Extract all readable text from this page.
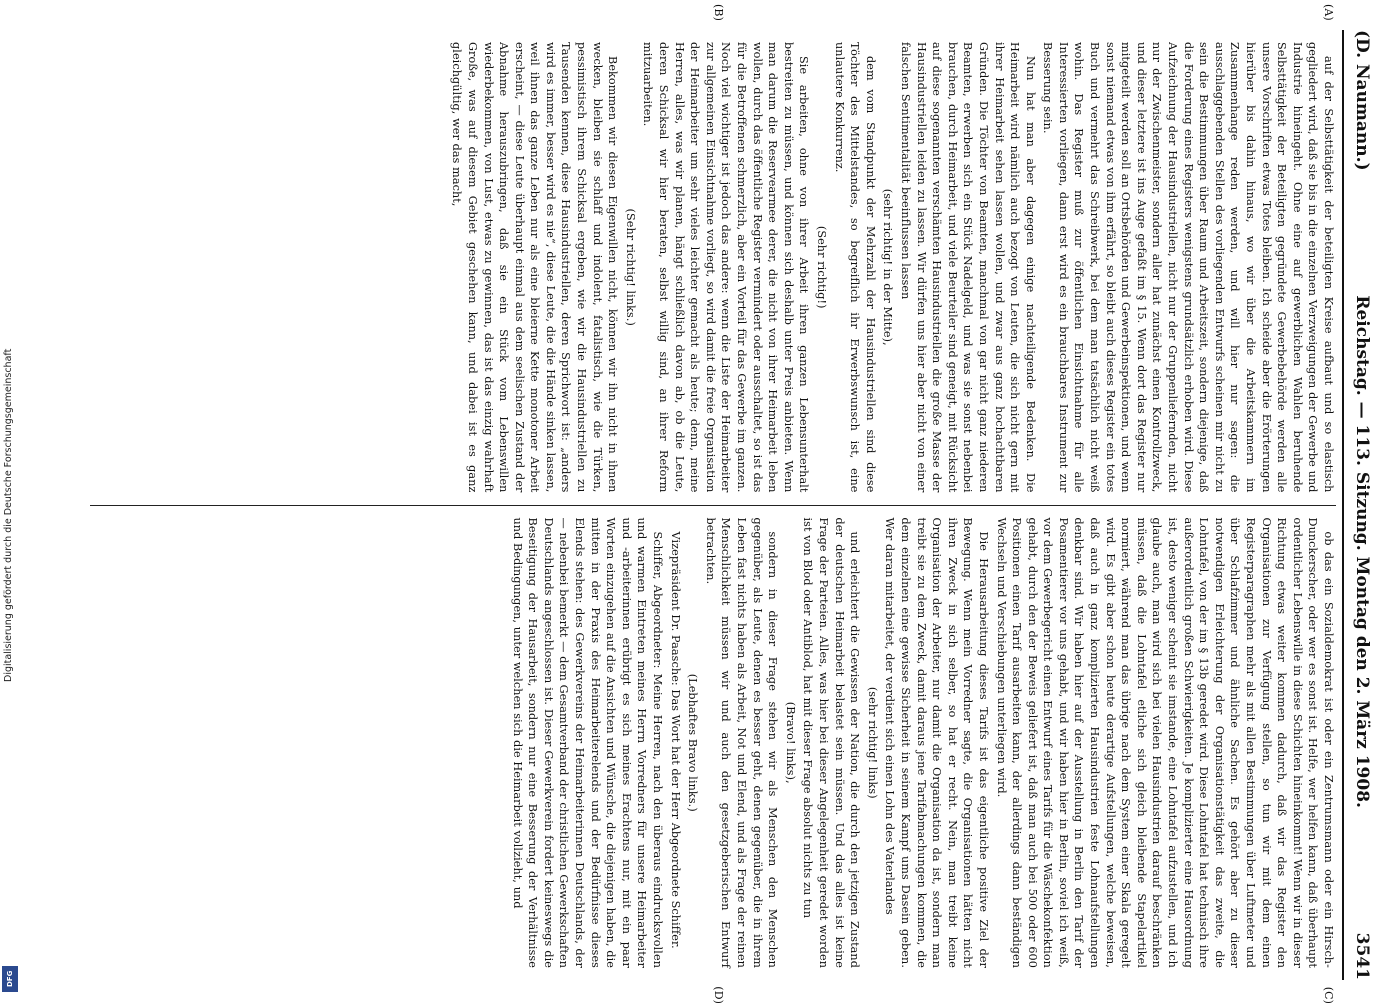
(D. Naumann.)
Reichstag. — 113. Sitzung. Montag den 2. März 1908.
3541
(A)
(B)

auf der Selbsttätigkeit der beteiligten Kreise aufbaut und so elastisch gegliedert wird, daß sie bis in die einzelnen Verzweigungen der Gewerbe und Industrie hineingeht. Ohne eine auf gewerblichen Wahlen beruhende Selbsttätigkeit der Beteiligten gegründete Gewerbebehörde werden alle unsere Vorschriften etwas Totes bleiben. Ich scheide aber die Erörterungen hierüber bis dahin hinaus, wo wir über die Arbeitskammern im Zusammenhange reden werden, und will hier nur sagen: die ausschlaggebenden Stellen des vorliegenden Entwurfs scheinen mir nicht zu sein die Bestimmungen über Raum und Arbeitszeit, sondern diejenige, daß die Forderung eines Registers wenigstens grundsätzlich erhoben wird. Diese Aufzeichnung der Hausindustriellen, nicht nur der Gruppenliefernden, nicht nur der Zwischenmeister, sondern aller hat zunächst einen Kontrollzweck, und dieser letztere ist ins Auge gefaßt im § 15. Wenn dort das Register nur mitgeteilt werden soll an Ortsbehörden und Gewerbeinspektionen, und wenn sonst niemand etwas von ihm erfährt, so bleibt auch dieses Register ein totes Buch und vermehrt das Schreibwerk, bei dem man tatsächlich nicht weiß wohin. Das Register muß zur öffentlichen Einsichtnahme für alle Interessierten vorliegen, dann erst wird es ein brauchbares Instrument zur Besserung sein.

Nun hat man aber dagegen einige nachteiligende Bedenken. Die Heimarbeit wird nämlich auch bezogt von Leuten, die sich nicht gern mit ihrer Heimarbeit sehen lassen wollen, und zwar aus ganz hochachtbaren Gründen. Die Töchter von Beamten, manchmal von gar nicht ganz niederen Beamten, erwerben sich ein Stück Nadelgeld, und was sie sonst nebenbei brauchen, durch Heimarbeit, und viele Beurteiler sind geneigt, mit Rücksicht auf diese sogenannten verschämten Hausindustriellen die große Masse der Hausindustriellen leiden zu lassen. Wir dürfen uns hier aber nicht von einer falschen Sentimentalität beeinflussen lassen

(sehr richtig! in der Mitte),

dem vom Standpunkt der Mehrzahl der Hausindustriellen sind diese Töchter des Mittelstandes, so begreiflich ihr Erwerbswunsch ist, eine unlautere Konkurrenz.

(Sehr richtig!)

Sie arbeiten, ohne von ihrer Arbeit ihren ganzen Lebensunterhalt bestreiten zu müssen, und können sich deshalb unter Preis anbieten. Wenn man darum die Reservearmee derer, die nicht von ihrer Heimarbeit leben wollen, durch das öffentliche Register vermindert oder ausschaltet, so ist das für die Betroffenen schmerzlich, aber ein Vorteil für das Gewerbe im ganzen. Noch viel wichtiger ist jedoch das andere: wenn die Liste der Heimarbeiter zur allgemeinen Einsichtnahme vorliegt, so wird damit die freie Organisation der Heimarbeiter um sehr vieles leichter gemacht als heute; denn, meine Herren, alles, was wir planen, hängt schließlich davon ab, ob die Leute, deren Schicksal wir hier beraten, selbst willig sind, an ihrer Reform mitzuarbeiten.

(Sehr richtig! links.)

Bekommen wir diesen Eigenwillen nicht, können wir ihn nicht in ihnen wecken, bleiben sie schlaff und indolent, fatalistisch, wie die Türken, pessimistisch ihrem Schicksal ergeben, wie wir die Hausindustriellen zu Tausenden kennen, diese Hausindustriellen, deren Sprichwort ist: „anders wird es immer, besser wird es nie“, diese Leute, die die Hände sinken lassen, weil ihnen das ganze Leben nur als eine bleierne Kette monotoner Arbeit erscheint, — diese Leute überhaupt einmal aus dem seelischen Zustand der Abnahme herauszubringen, daß sie ein Stück vom Lebenswillen wiederbekommen, von Lust, etwas zu gewinnen, das ist das einzig wahrhaft Große, was auf diesem Gebiet geschehen kann, und dabei ist es ganz gleichgültig, wer das macht,

(C)
(D)

ob das ein Sozialdemokrat ist oder ein Zentrumsmann oder ein Hirsch-Dunckerscher, oder wer es sonst ist. Helfe, wer helfen kann, daß überhaupt ordentlicher Lebenswille in diese Schichten hineinkommt! Wenn wir in dieser Richtung etwas weiter kommen dadurch, daß wir das Register den Organisationen zur Verfügung stellen, so tun wir mit dem einen Registerparagraphen mehr als mit allen Bestimmungen über Luftmeter und über Schlafzimmer und ähnliche Sachen. Es gehört aber zu dieser notwendigen Erleichterung der Organisationstätigkeit das zweite, die Lohntafel, von der im § 13b geredet wird. Diese Lohntafel hat technisch ihre außerordentlich großen Schwierigkeiten. Je komplizierter eine Hausordnung ist, desto weniger scheint sie imstande, eine Lohntafel aufzustellen, und ich glaube auch, man wird sich bei vielen Hausindustrien darauf beschränken müssen, daß die Lohntafel etliche sich gleich bleibende Stapelartikel normiert, während man das übrige nach dem System einer Skala geregelt wird. Es gibt aber schon heute derartige Aufstellungen, welche beweisen, daß auch in ganz komplizierten Hausindustrien feste Lohnaufstellungen denkbar sind. Wir haben hier auf der Ausstellung in Berlin den Tarif der Posamentierer vor uns gehabt, und wir haben hier in Berlin, soviel ich weiß, vor dem Gewerbegericht einen Entwurf eines Tarifs für die Wäschekonfektion gehabt, durch den der Beweis geliefert ist, daß man auch bei 500 oder 600 Positionen einen Tarif ausarbeiten kann, der allerdings dann beständigen Wechseln und Verschiebungen unterliegen wird.

Die Herausarbeitung dieses Tarifs ist das eigentliche positive Ziel der Bewegung. Wenn mein Vorredner sagte, die Organisationen hätten nicht ihren Zweck in sich selber, so hat er recht. Nein, man treibt keine Organisation der Arbeiter, nur damit die Organisation da ist, sondern man treibt sie zu dem Zweck, damit daraus jene Tarifabmachungen kommen, die dem einzelnen eine gewisse Sicherheit in seinem Kampf ums Dasein geben. Wer daran mitarbeitet, der verdient sich einen Lohn des Vaterlandes

(sehr richtig! links)

und erleichtert die Gewissen der Nation, die durch den jetzigen Zustand der deutschen Heimarbeit belastet sein müssen. Und das alles ist keine Frage der Parteien. Alles, was hier bei dieser Angelegenheit geredet worden ist von Blod oder Antiblod, hat mit dieser Frage absolut nichts zu tun

(Bravo! links),

sondern in dieser Frage stehen wir als Menschen den Menschen gegenüber, als Leute, denen es besser geht, denen gegenüber, die in ihrem Leben fast nichts haben als Arbeit, Not und Elend, und als Frage der reinen Menschlichkeit müssen wir und auch den gesetzgeberischen Entwurf betrachten.

(Lebhaftes Bravo links.)

Vizepräsident Dr. Paasche: Das Wort hat der Herr Abgeordnete Schiffer.

Schiffer, Abgeordneter: Meine Herren, nach den überaus eindrucksvollen und warmen Eintreten meines Herrn Vorredners für unsere Heimarbeiter und -arbeiterinnen erübrigt es sich meines Erachtens nur, mit ein paar Worten einzugehen auf die Ansichten und Wünsche, die diejenigen haben, die mitten in der Praxis des Heimarbeiterelends und der Bedürfnisse dieses Elends stehen: des Gewerkvereins der Heimarbeiterinnen Deutschlands, der — nebenbei bemerkt — dem Gesamtverband der christlichen Gewerkschaften Deutschlands angeschlossen ist. Dieser Gewerkverein fordert keineswegs die Beseitigung der Hausarbeit, sondern nur eine Besserung der Verhältnisse und Bedingungen, unter welchen sich die Heimarbeit vollzieht, und

Digitalisierung gefördert durch die Deutsche Forschungsgemeinschaft
DFG
